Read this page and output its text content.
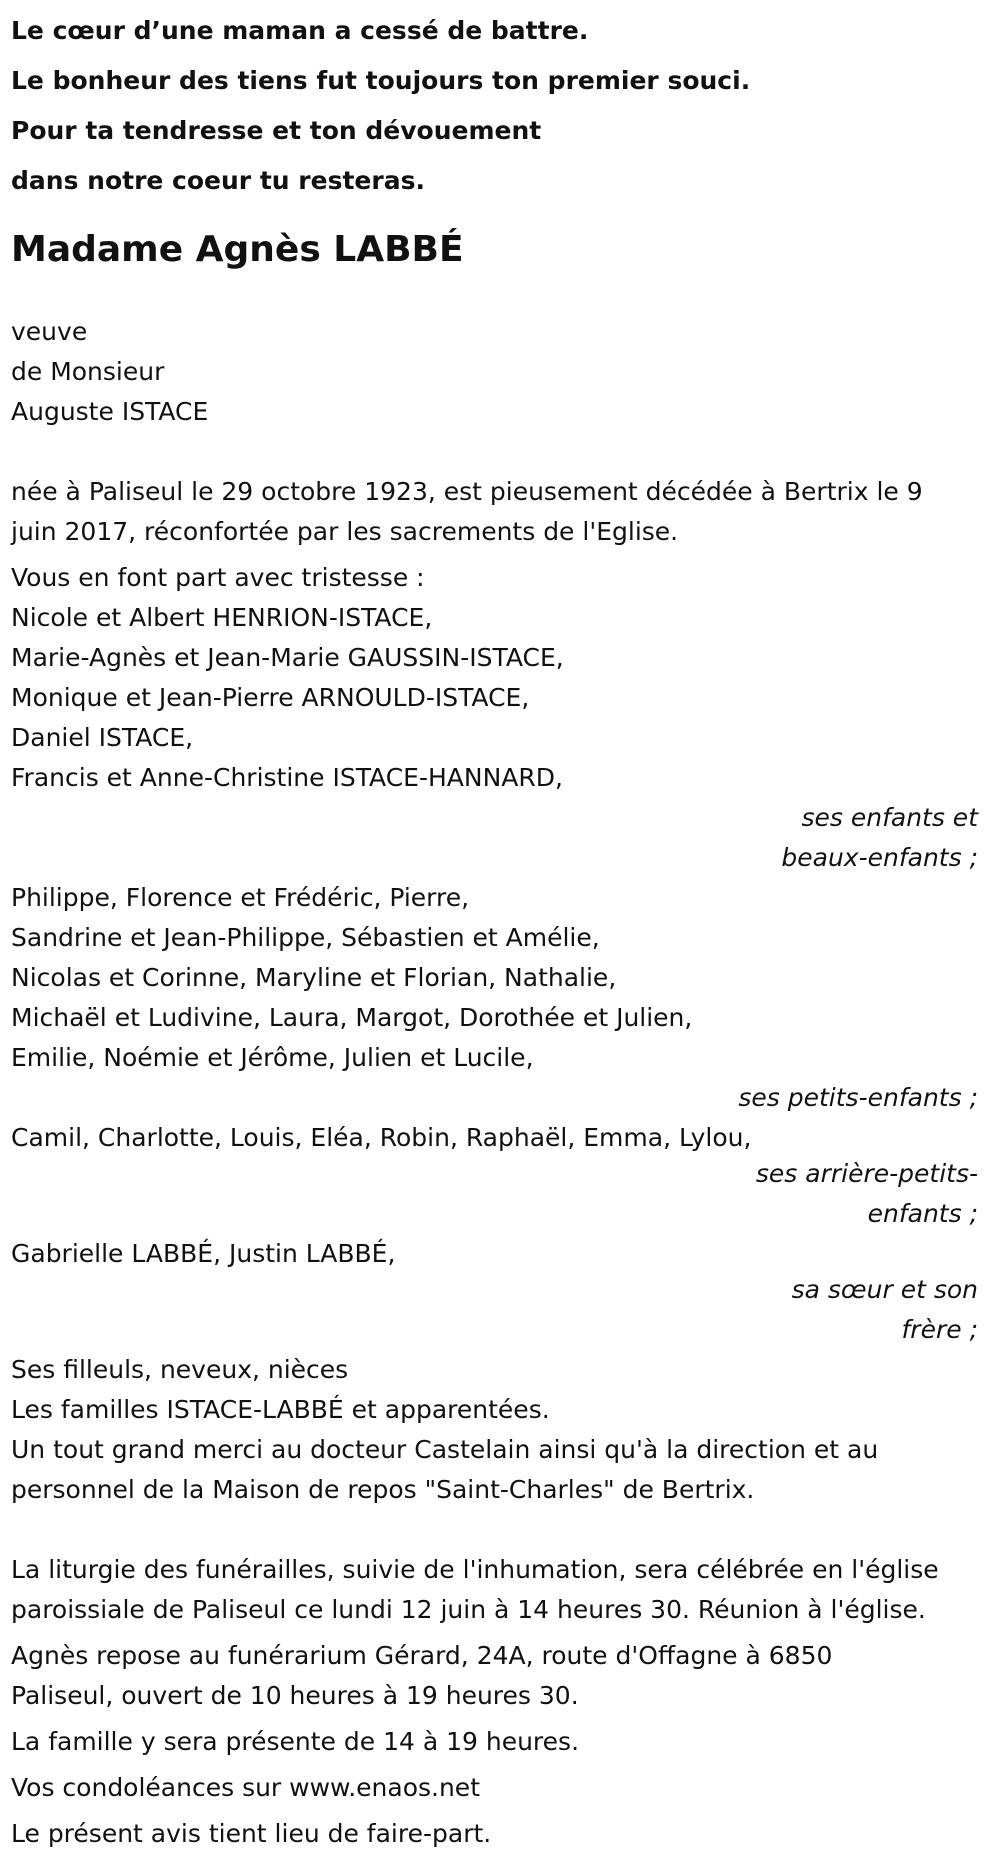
Le cœur d’une maman a cessé de battre.
Le bonheur des tiens fut toujours ton premier souci.
Pour ta tendresse et ton dévouement
dans notre coeur tu resteras.
Madame Agnès LABBÉ
veuve
de Monsieur
Auguste ISTACE
née à Paliseul le 29 octobre 1923, est pieusement décédée à Bertrix le 9
juin 2017, réconfortée par les sacrements de l'Eglise.
Vous en font part avec tristesse :
Nicole et Albert HENRION-ISTACE,
Marie-Agnès et Jean-Marie GAUSSIN-ISTACE,
Monique et Jean-Pierre ARNOULD-ISTACE,
Daniel ISTACE,
Francis et Anne-Christine ISTACE-HANNARD,
ses enfants et
beaux-enfants ;
Philippe, Florence et Frédéric, Pierre,
Sandrine et Jean-Philippe, Sébastien et Amélie,
Nicolas et Corinne, Maryline et Florian, Nathalie,
Michaël et Ludivine, Laura, Margot, Dorothée et Julien,
Emilie, Noémie et Jérôme, Julien et Lucile,
ses petits-enfants ;
Camil, Charlotte, Louis, Eléa, Robin, Raphaël, Emma, Lylou,
ses arrière-petits-
enfants ;
Gabrielle LABBÉ, Justin LABBÉ,
sa sœur et son
frère ;
Ses filleuls, neveux, nièces
Les familles ISTACE-LABBÉ et apparentées.
Un tout grand merci au docteur Castelain ainsi qu'à la direction et au
personnel de la Maison de repos "Saint-Charles" de Bertrix.
La liturgie des funérailles, suivie de l'inhumation, sera célébrée en l'église
paroissiale de Paliseul ce lundi 12 juin à 14 heures 30. Réunion à l'église.
Agnès repose au funérarium Gérard, 24A, route d'Offagne à 6850
Paliseul, ouvert de 10 heures à 19 heures 30.
La famille y sera présente de 14 à 19 heures.
Vos condoléances sur www.enaos.net
Le présent avis tient lieu de faire-part.
